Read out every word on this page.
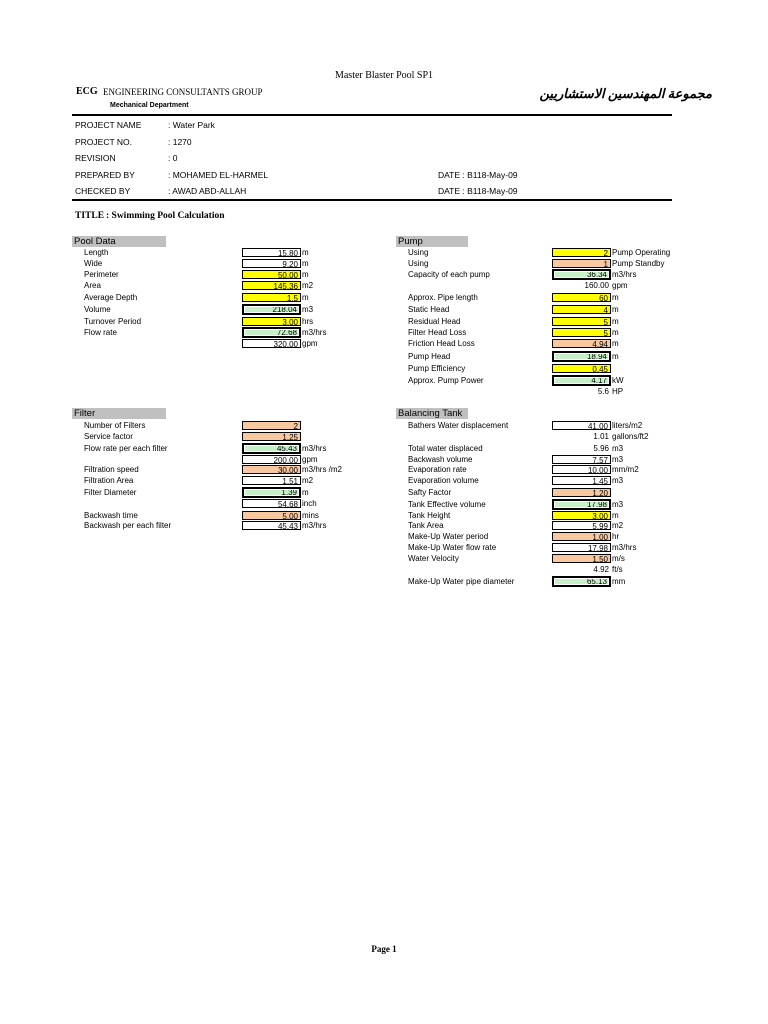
Master Blaster Pool SP1
ECG ENGINEERING CONSULTANTS GROUP
Mechanical Department
مجموعة المهندسين الاستشاريين
PROJECT NAME	: Water Park
PROJECT NO.	: 1270
REVISION	: 0
PREPARED BY	: MOHAMED EL-HARMEL	DATE : B118-May-09
CHECKED BY	: AWAD ABD-ALLAH	DATE : B118-May-09
TITLE : Swimming Pool Calculation
Pool Data	Pump
Filter	Balancing Tank
Length	15.80 m
Wide	9.20 m
Perimeter	50.00 m
Area	145.36 m2
Average Depth	1.5 m
Volume	218.04 m3
Turnover Period	3.00 hrs
Flow rate	72.68 m3/hrs
320.00 gpm
Using	2 Pump Operating
Using	1 Pump Standby
Capacity of each pump	36.34 m3/hrs
160.00 gpm
Approx. Pipe length	60 m
Static Head	4 m
Residual Head	5 m
Filter Head Loss	5 m
Friction Head Loss	4.94 m
Pump Head	18.94 m
Pump Efficiency	0.45
Approx. Pump Power	4.17 kW
5.6 HP
Number of Filters	2
Service factor	1.25
Flow rate per each filter	45.43 m3/hrs
200.00 gpm
Filtration speed	30.00 m3/hrs /m2
Filtration Area	1.51 m2
Filter Diameter	1.39 m
54.68 inch
Backwash time	5.00 mins
Backwash per each filter	45.43 m3/hrs
Bathers Water displacement	41.00 liters/m2
1.01 gallons/ft2
Total water displaced	5.96 m3
Backwash volume	7.57 m3
Evaporation rate	10.00 mm/m2
Evaporation volume	1.45 m3
Safty Factor	1.20
Tank Effective volume	17.98 m3
Tank Height	3.00 m
Tank Area	5.99 m2
Make-Up Water period	1.00 hr
Make-Up Water flow rate	17.98 m3/hrs
Water Velocity	1.50 m/s
4.92 ft/s
Make-Up Water pipe diameter	65.13 mm
Page 1
